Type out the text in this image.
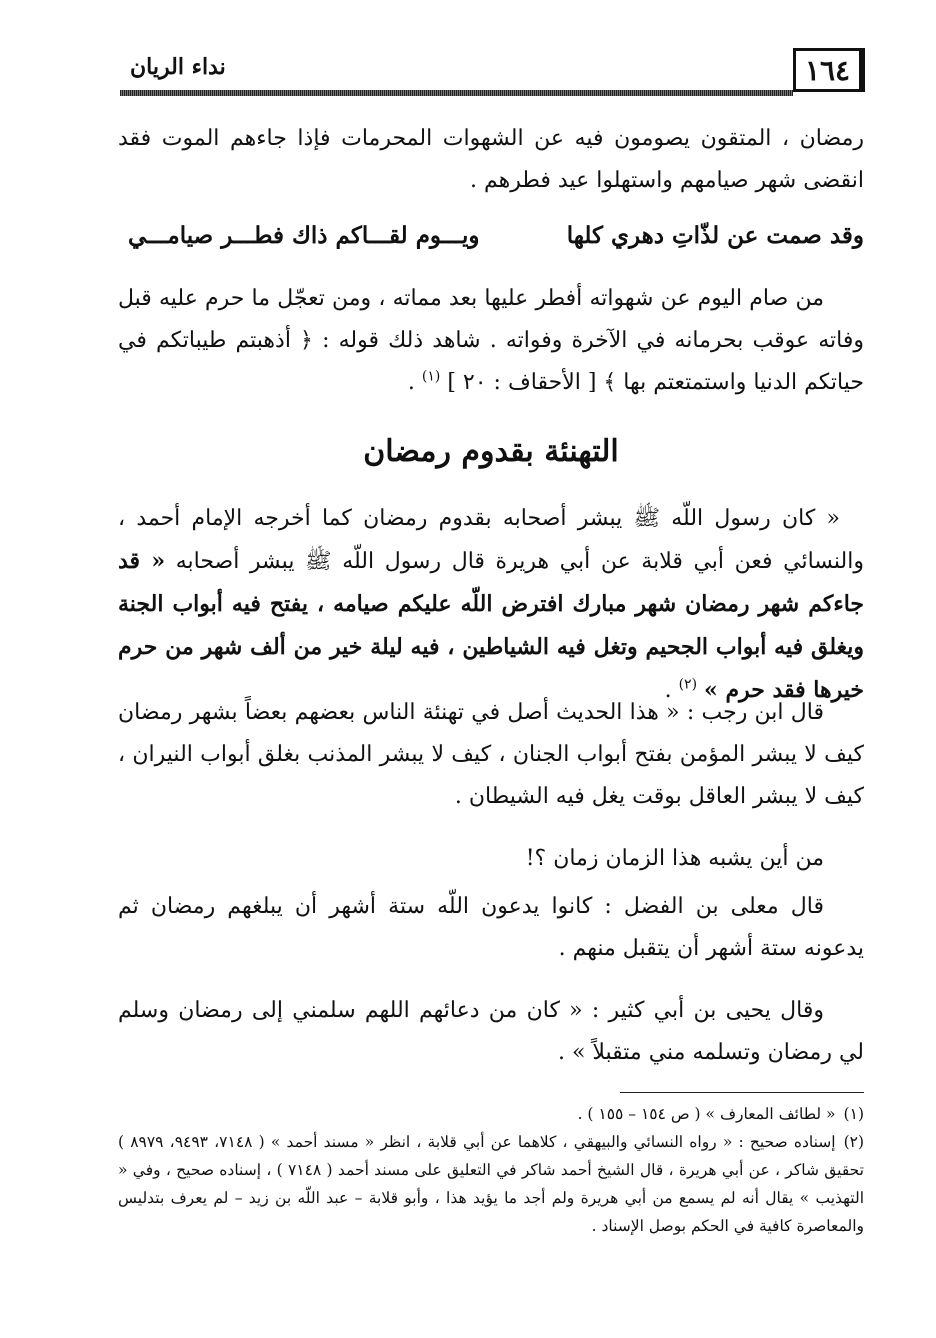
١٦٤
نداء الريان
رمضان ، المتقون يصومون فيه عن الشهوات المحرمات فإذا جاءهم الموت فقد انقضى شهر صيامهم واستهلوا عيد فطرهم .
وقد صمت عن لذّاتِ دهري كلها
ويـــوم لقـــاكم ذاك فطـــر صيامـــي
من صام اليوم عن شهواته أفطر عليها بعد مماته ، ومن تعجّل ما حرم عليه قبل وفاته عوقب بحرمانه في الآخرة وفواته . شاهد ذلك قوله : ﴿ أذهبتم طيباتكم في حياتكم الدنيا واستمتعتم بها ﴾ [ الأحقاف : ٢٠ ] $^{(١)}$ .
التهنئة بقدوم رمضان
« كان رسول اللّه ﷺ يبشر أصحابه بقدوم رمضان كما أخرجه الإمام أحمد ، والنسائي فعن أبي قلابة عن أبي هريرة قال رسول اللّه ﷺ يبشر أصحابه « قد جاءكم شهر رمضان شهر مبارك افترض اللّه عليكم صيامه ، يفتح فيه أبواب الجنة ويغلق فيه أبواب الجحيم وتغل فيه الشياطين ، فيه ليلة خير من ألف شهر من حرم خيرها فقد حرم » $^{(٢)}$ .
قال ابن رجب : « هذا الحديث أصل في تهنئة الناس بعضهم بعضاً بشهر رمضان كيف لا يبشر المؤمن بفتح أبواب الجنان ، كيف لا يبشر المذنب بغلق أبواب النيران ، كيف لا يبشر العاقل بوقت يغل فيه الشيطان .
من أين يشبه هذا الزمان زمان ؟!
قال معلى بن الفضل : كانوا يدعون اللّه ستة أشهر أن يبلغهم رمضان ثم يدعونه ستة أشهر أن يتقبل منهم .
وقال يحيى بن أبي كثير : « كان من دعائهم اللهم سلمني إلى رمضان وسلم لي رمضان وتسلمه مني متقبلاً » .

(١)« لطائف المعارف » ( ص ١٥٤ – ١٥٥ ) .

(٢)إسناده صحيح : « رواه النسائي والبيهقي ، كلاهما عن أبي قلابة ، انظر « مسند أحمد » ( ٧١٤٨، ٩٤٩٣، ٨٩٧٩ ) تحقيق شاكر ، عن أبي هريرة ، قال الشيخ أحمد شاكر في التعليق على مسند أحمد ( ٧١٤٨ ) ، إسناده صحيح ، وفي « التهذيب » يقال أنه لم يسمع من أبي هريرة ولم أجد ما يؤيد هذا ، وأبو قلابة – عبد اللّه بن زيد – لم يعرف بتدليس والمعاصرة كافية في الحكم بوصل الإسناد .
